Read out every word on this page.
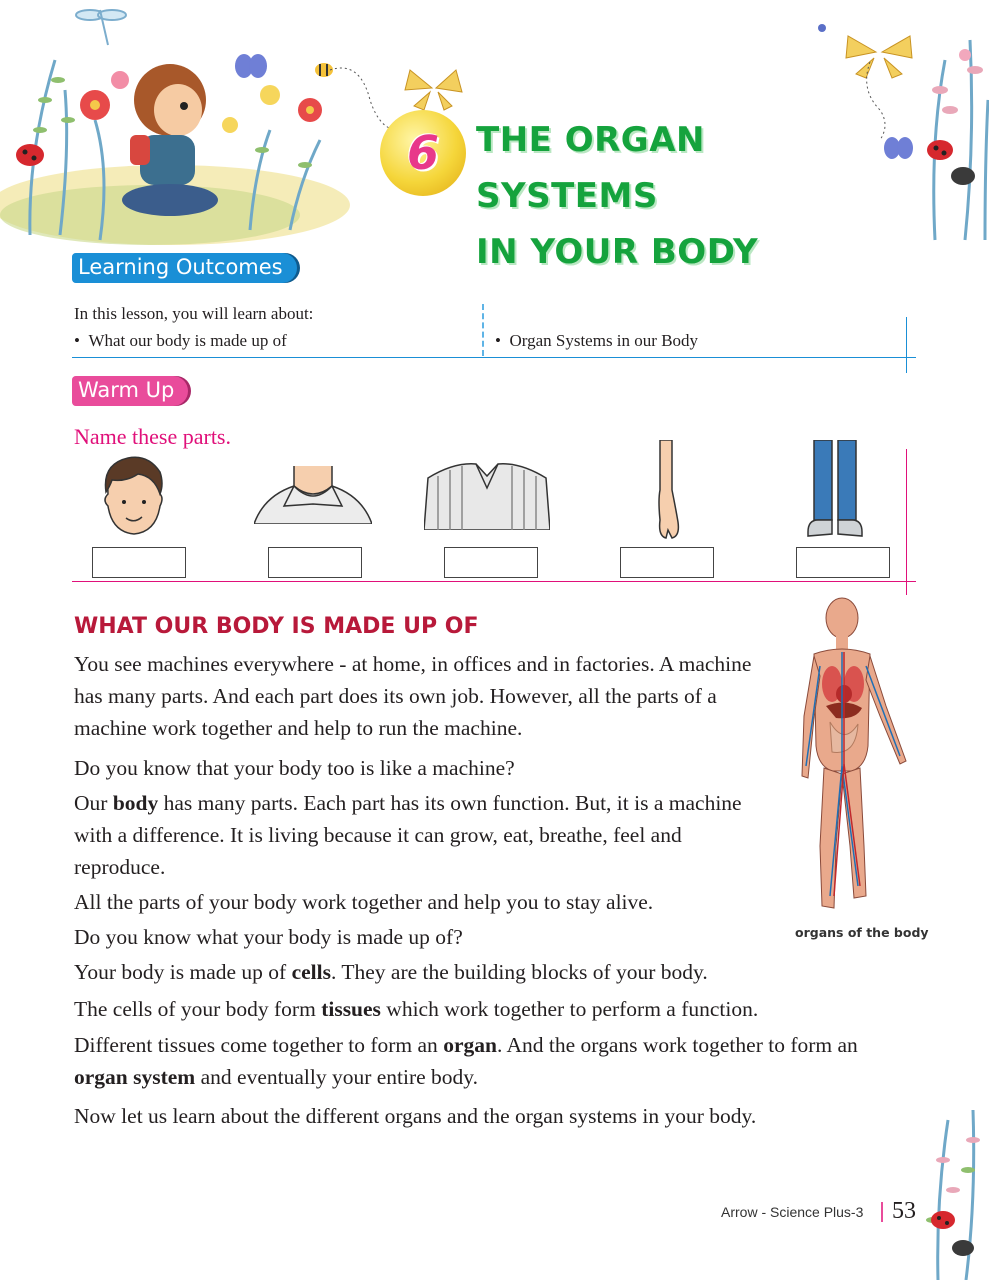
6 THE ORGAN SYSTEMS
IN YOUR BODY
Learning Outcomes
In this lesson, you will learn about:
•  What our body is made up of	•  Organ Systems in our Body
Warm Up
Name these parts.
WHAT OUR BODY IS MADE UP OF

You see machines everywhere - at home, in offices and in factories. A machine has many parts. And each part does its own job. However, all the parts of a machine work together and help to run the machine.

Do you know that your body too is like a machine?

Our body has many parts. Each part has its own function. But, it is a machine with a difference. It is living because it can grow, eat, breathe, feel and reproduce.

All the parts of your body work together and help you to stay alive.

Do you know what your body is made up of?

Your body is made up of cells. They are the building blocks of your body.

The cells of your body form tissues which work together to perform a function.

Different tissues come together to form an organ. And the organs work together to form an organ system and eventually your entire body.

Now let us learn about the different organs and the organ systems in your body.

organs of the body
Arrow - Science Plus-3 53
